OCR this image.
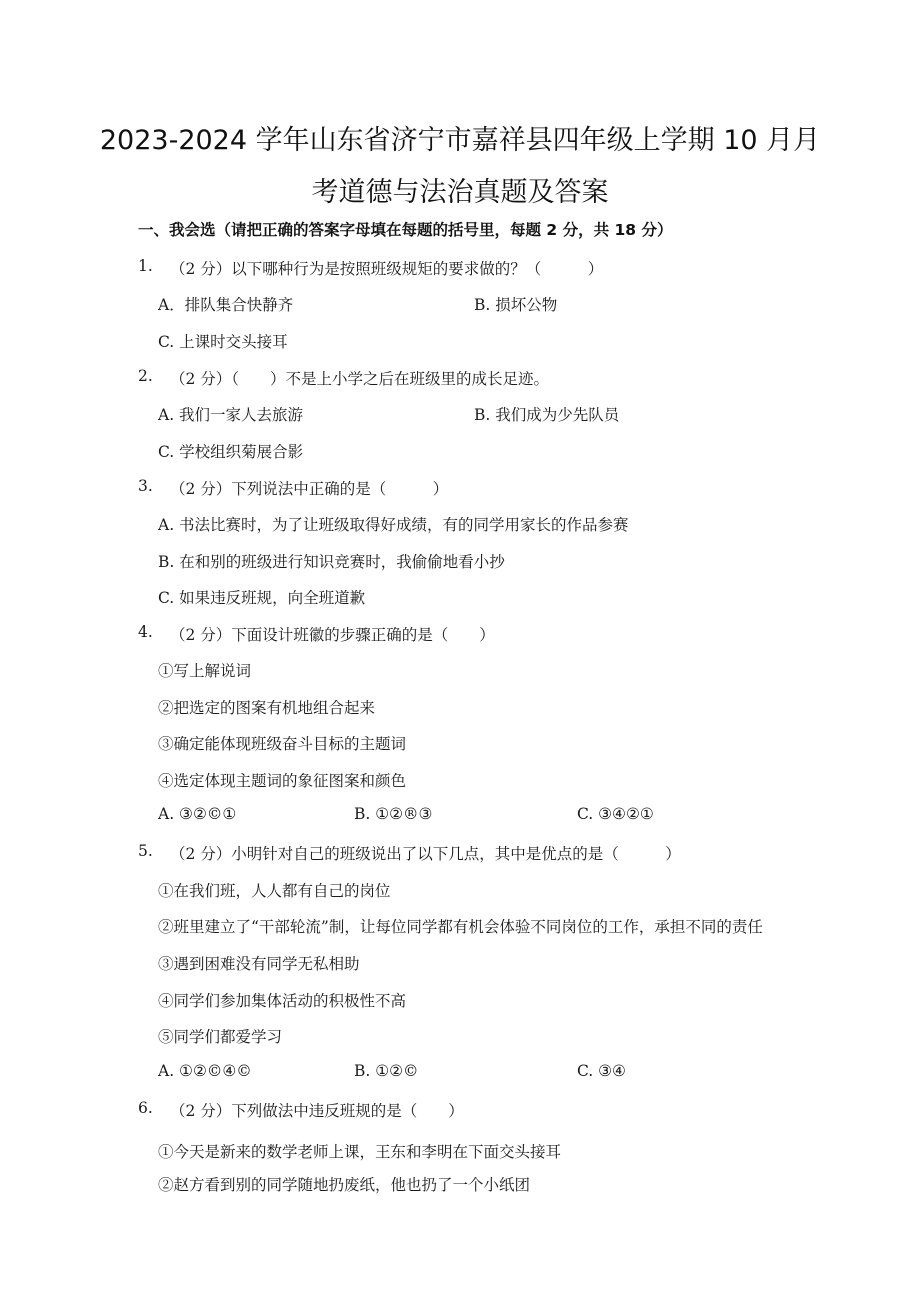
2023-2024 学年山东省济宁市嘉祥县四年级上学期 10 月月
考道德与法治真题及答案
一、我会选（请把正确的答案字母填在每题的括号里，每题 2 分，共 18 分）
1. （2 分）以下哪种行为是按照班级规矩的要求做的？（　　　）
A．排队集合快静齐	B. 损坏公物
C. 上课时交头接耳
2. （2 分）（　　）不是上小学之后在班级里的成长足迹。
A. 我们一家人去旅游	B. 我们成为少先队员
C. 学校组织菊展合影
3. （2 分）下列说法中正确的是（　　　）
A. 书法比赛时，为了让班级取得好成绩，有的同学用家长的作品参赛
B. 在和别的班级进行知识竞赛时，我偷偷地看小抄
C. 如果违反班规，向全班道歉
4. （2 分）下面设计班徽的步骤正确的是（　　）
①写上解说词
②把选定的图案有机地组合起来
③确定能体现班级奋斗目标的主题词
④选定体现主题词的象征图案和颜色
A. ③②©①	B. ①②®③	C. ③④②①
5. （2 分）小明针对自己的班级说出了以下几点，其中是优点的是（　　　）
①在我们班，人人都有自己的岗位
②班里建立了“干部轮流”制，让每位同学都有机会体验不同岗位的工作，承担不同的责任
③遇到困难没有同学无私相助
④同学们参加集体活动的积极性不高
⑤同学们都爱学习
A. ①②©④©	B. ①②©	C. ③④
6. （2 分）下列做法中违反班规的是（　　）
①今天是新来的数学老师上课，王东和李明在下面交头接耳
②赵方看到别的同学随地扔废纸，他也扔了一个小纸团
